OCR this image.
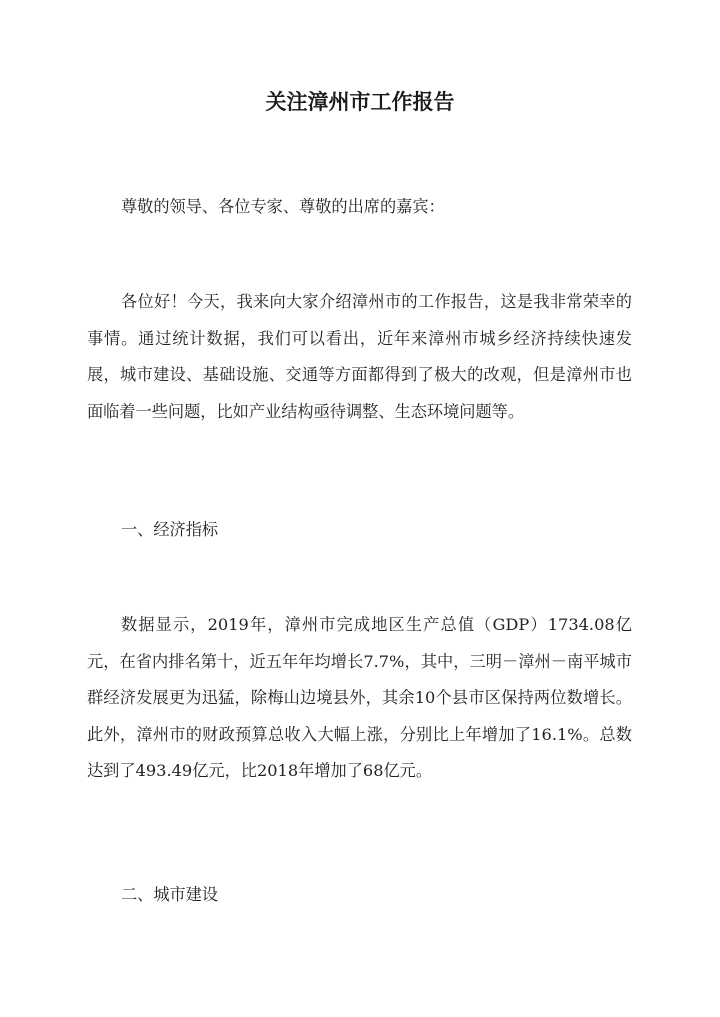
关注漳州市工作报告

尊敬的领导、各位专家、尊敬的出席的嘉宾：

各位好！今天，我来向大家介绍漳州市的工作报告，这是我非常荣幸的事情。通过统计数据，我们可以看出，近年来漳州市城乡经济持续快速发展，城市建设、基础设施、交通等方面都得到了极大的改观，但是漳州市也面临着一些问题，比如产业结构亟待调整、生态环境问题等。

一、经济指标

数据显示，2019年，漳州市完成地区生产总值（GDP）1734.08亿元，在省内排名第十，近五年年均增长7.7%，其中，三明－漳州－南平城市群经济发展更为迅猛，除梅山边境县外，其余10个县市区保持两位数增长。此外，漳州市的财政预算总收入大幅上涨，分别比上年增加了16.1%。总数达到了493.49亿元，比2018年增加了68亿元。

二、城市建设
